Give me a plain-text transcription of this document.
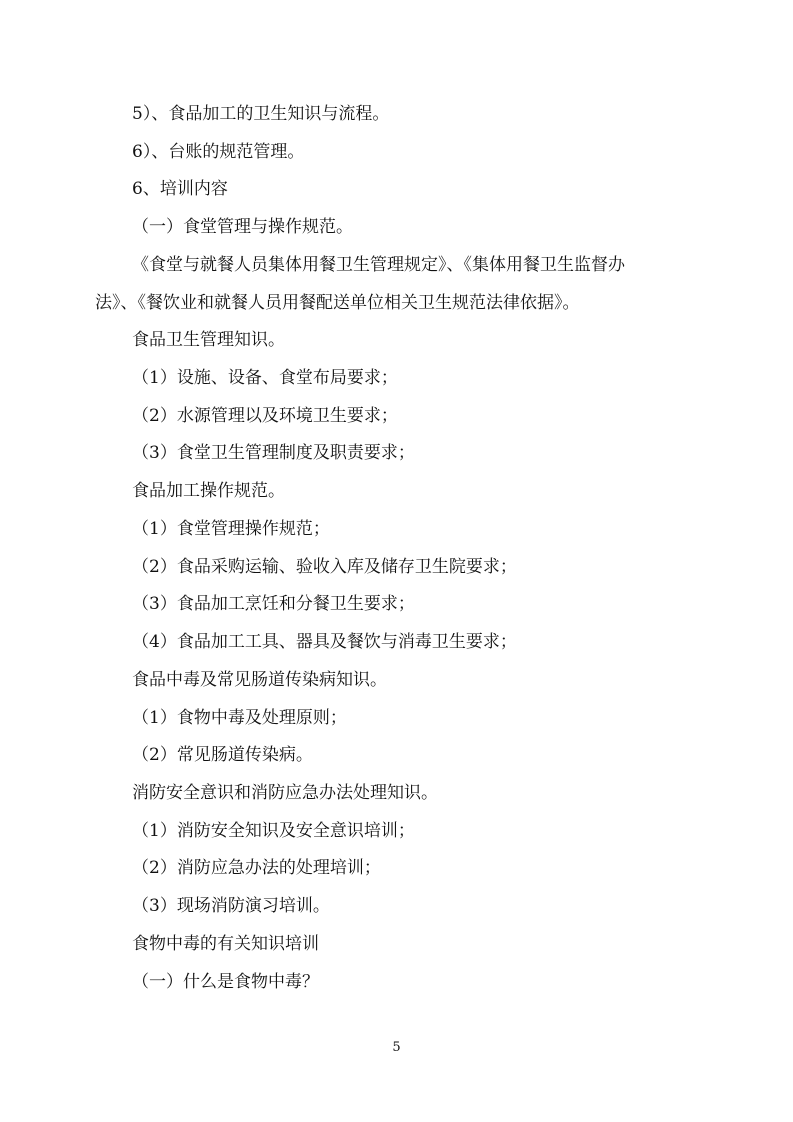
5）、食品加工的卫生知识与流程。
6）、台账的规范管理。
6、培训内容
（一）食堂管理与操作规范。
《食堂与就餐人员集体用餐卫生管理规定》、《集体用餐卫生监督办
法》、《餐饮业和就餐人员用餐配送单位相关卫生规范法律依据》。
食品卫生管理知识。
（1）设施、设备、食堂布局要求；
（2）水源管理以及环境卫生要求；
（3）食堂卫生管理制度及职责要求；
食品加工操作规范。
（1）食堂管理操作规范；
（2）食品采购运输、验收入库及储存卫生院要求；
（3）食品加工烹饪和分餐卫生要求；
（4）食品加工工具、器具及餐饮与消毒卫生要求；
食品中毒及常见肠道传染病知识。
（1）食物中毒及处理原则；
（2）常见肠道传染病。
消防安全意识和消防应急办法处理知识。
（1）消防安全知识及安全意识培训；
（2）消防应急办法的处理培训；
（3）现场消防演习培训。
食物中毒的有关知识培训
（一）什么是食物中毒？
5
